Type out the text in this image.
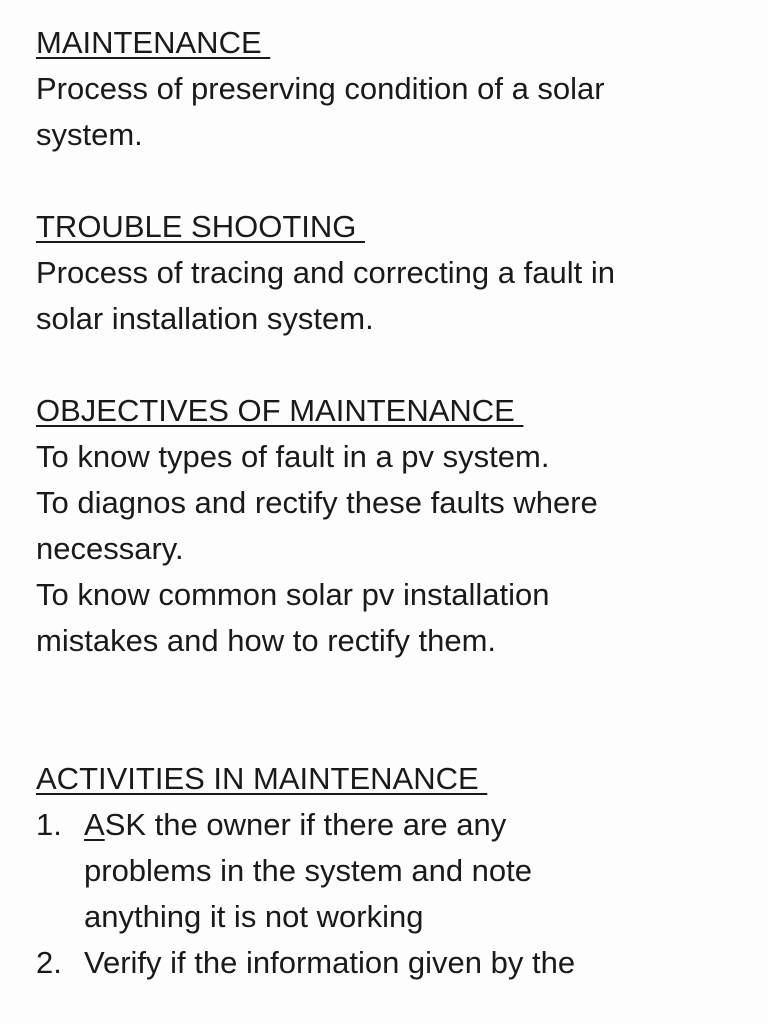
MAINTENANCE

Process of preserving condition of a solar

system.

TROUBLE SHOOTING

Process of tracing and correcting a fault in

solar installation system.

OBJECTIVES OF MAINTENANCE

To know types of fault in a pv system.

To diagnos and rectify these faults where

necessary.

To know common solar pv installation

mistakes and how to rectify them.

ACTIVITIES IN MAINTENANCE
1. ASK the owner if there are any
problems in the system and note
anything it is not working
2. Verify if the information given by the
